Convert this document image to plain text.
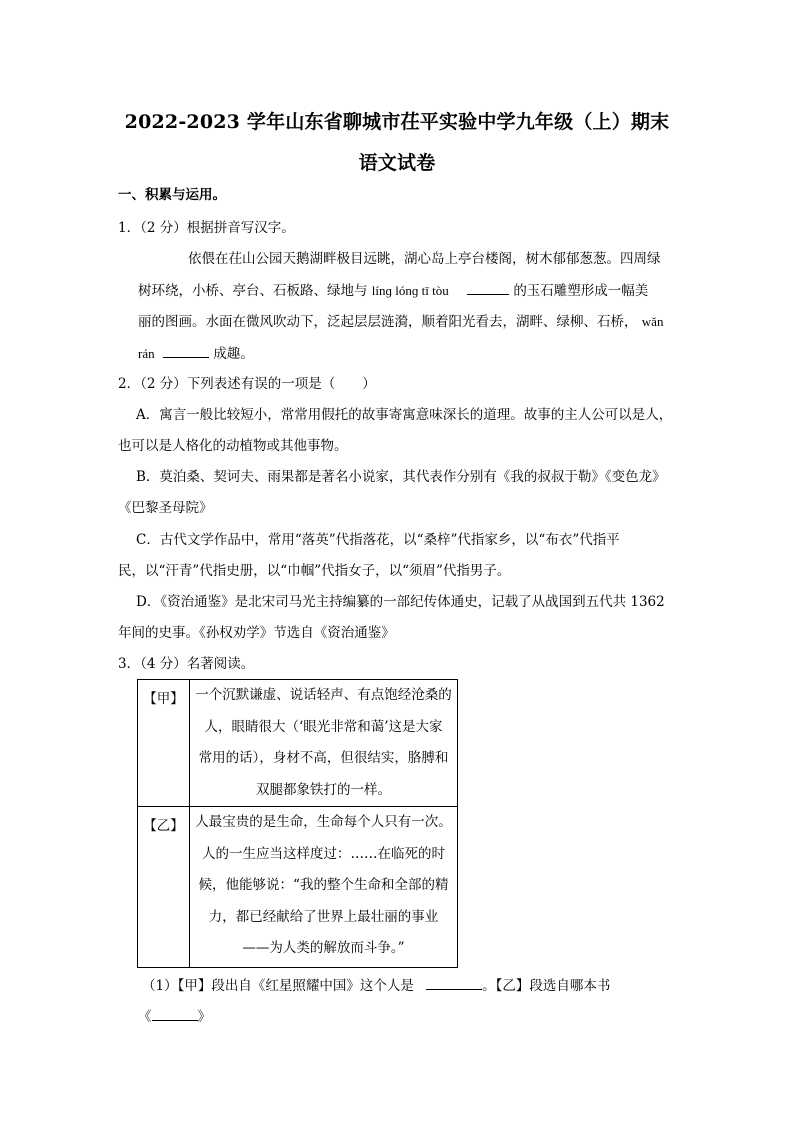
2022-2023 学年山东省聊城市茌平实验中学九年级（上）期末
语文试卷
一、积累与运用。
1．（2 分）根据拼音写汉字。
依偎在茌山公园天鹅湖畔极目远眺，湖心岛上亭台楼阁，树木郁郁葱葱。四周绿
树环绕，小桥、亭台、石板路、绿地与 línɡ lónɡ tī tòu	的玉石雕塑形成一幅美
丽的图画。水面在微风吹动下，泛起层层涟漪，顺着阳光看去，湖畔、绿柳、石桥， wǎn
rán	成趣。
2．（2 分）下列表述有误的一项是（　　）
A．寓言一般比较短小，常常用假托的故事寄寓意味深长的道理。故事的主人公可以是人，
也可以是人格化的动植物或其他事物。
B．莫泊桑、契诃夫、雨果都是著名小说家，其代表作分别有《我的叔叔于勒》《变色龙》
《巴黎圣母院》
C．古代文学作品中，常用“落英”代指落花，以“桑梓”代指家乡，以“布衣”代指平
民，以“汗青”代指史册，以“巾帼”代指女子，以“须眉”代指男子。
D．《资治通鉴》是北宋司马光主持编纂的一部纪传体通史，记载了从战国到五代共 1362
年间的史事。《孙权劝学》节选自《资治通鉴》
3．（4 分）名著阅读。
【甲】	一个沉默谦虚、说话轻声、有点饱经沧桑的
人，眼睛很大（‘眼光非常和蔼’这是大家
常用的话），身材不高，但很结实，胳膊和
双腿都象铁打的一样。

【乙】	人最宝贵的是生命，生命每个人只有一次。
人的一生应当这样度过：……在临死的时
候，他能够说：“我的整个生命和全部的精
力，都已经献给了世界上最壮丽的事业
——为人类的解放而斗争。”
（1）【甲】段出自《红星照耀中国》这个人是	。【乙】段选自哪本书
《	》
